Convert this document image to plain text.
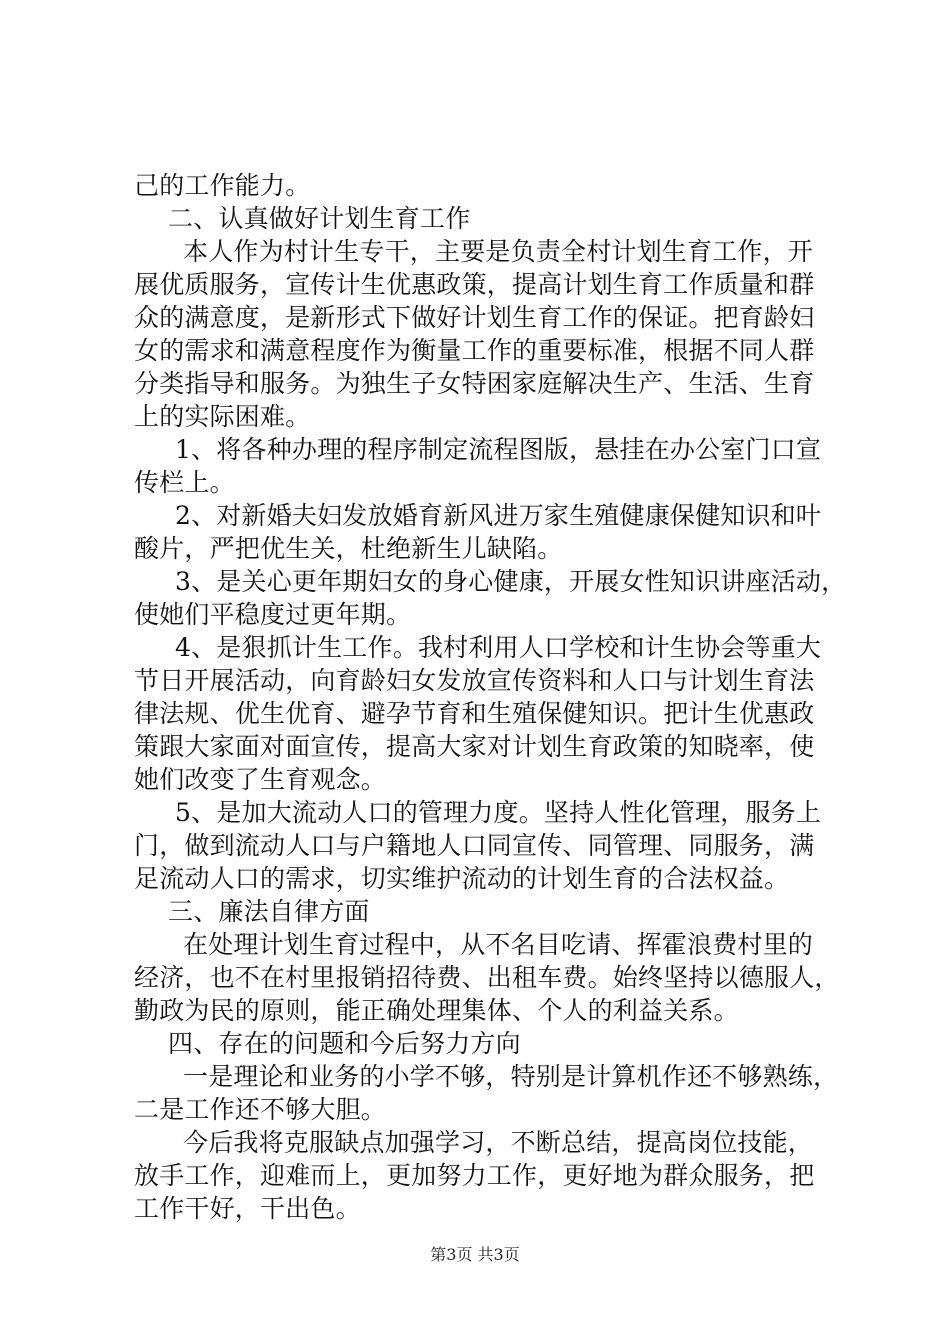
己的工作能力。
二、认真做好计划生育工作
本人作为村计生专干，主要是负责全村计划生育工作，开
展优质服务，宣传计生优惠政策，提高计划生育工作质量和群
众的满意度，是新形式下做好计划生育工作的保证。把育龄妇
女的需求和满意程度作为衡量工作的重要标准，根据不同人群
分类指导和服务。为独生子女特困家庭解决生产、生活、生育
上的实际困难。
1、将各种办理的程序制定流程图版，悬挂在办公室门口宣
传栏上。
2、对新婚夫妇发放婚育新风进万家生殖健康保健知识和叶
酸片，严把优生关，杜绝新生儿缺陷。
3、是关心更年期妇女的身心健康，开展女性知识讲座活动，
使她们平稳度过更年期。
4、是狠抓计生工作。我村利用人口学校和计生协会等重大
节日开展活动，向育龄妇女发放宣传资料和人口与计划生育法
律法规、优生优育、避孕节育和生殖保健知识。把计生优惠政
策跟大家面对面宣传，提高大家对计划生育政策的知晓率，使
她们改变了生育观念。
5、是加大流动人口的管理力度。坚持人性化管理，服务上
门，做到流动人口与户籍地人口同宣传、同管理、同服务，满
足流动人口的需求，切实维护流动的计划生育的合法权益。
三、廉法自律方面
在处理计划生育过程中，从不名目吃请、挥霍浪费村里的
经济，也不在村里报销招待费、出租车费。始终坚持以德服人，
勤政为民的原则，能正确处理集体、个人的利益关系。
四、存在的问题和今后努力方向
一是理论和业务的小学不够，特别是计算机作还不够熟练，
二是工作还不够大胆。
今后我将克服缺点加强学习，不断总结，提高岗位技能，
放手工作，迎难而上，更加努力工作，更好地为群众服务，把
工作干好，干出色。
第3页 共3页
